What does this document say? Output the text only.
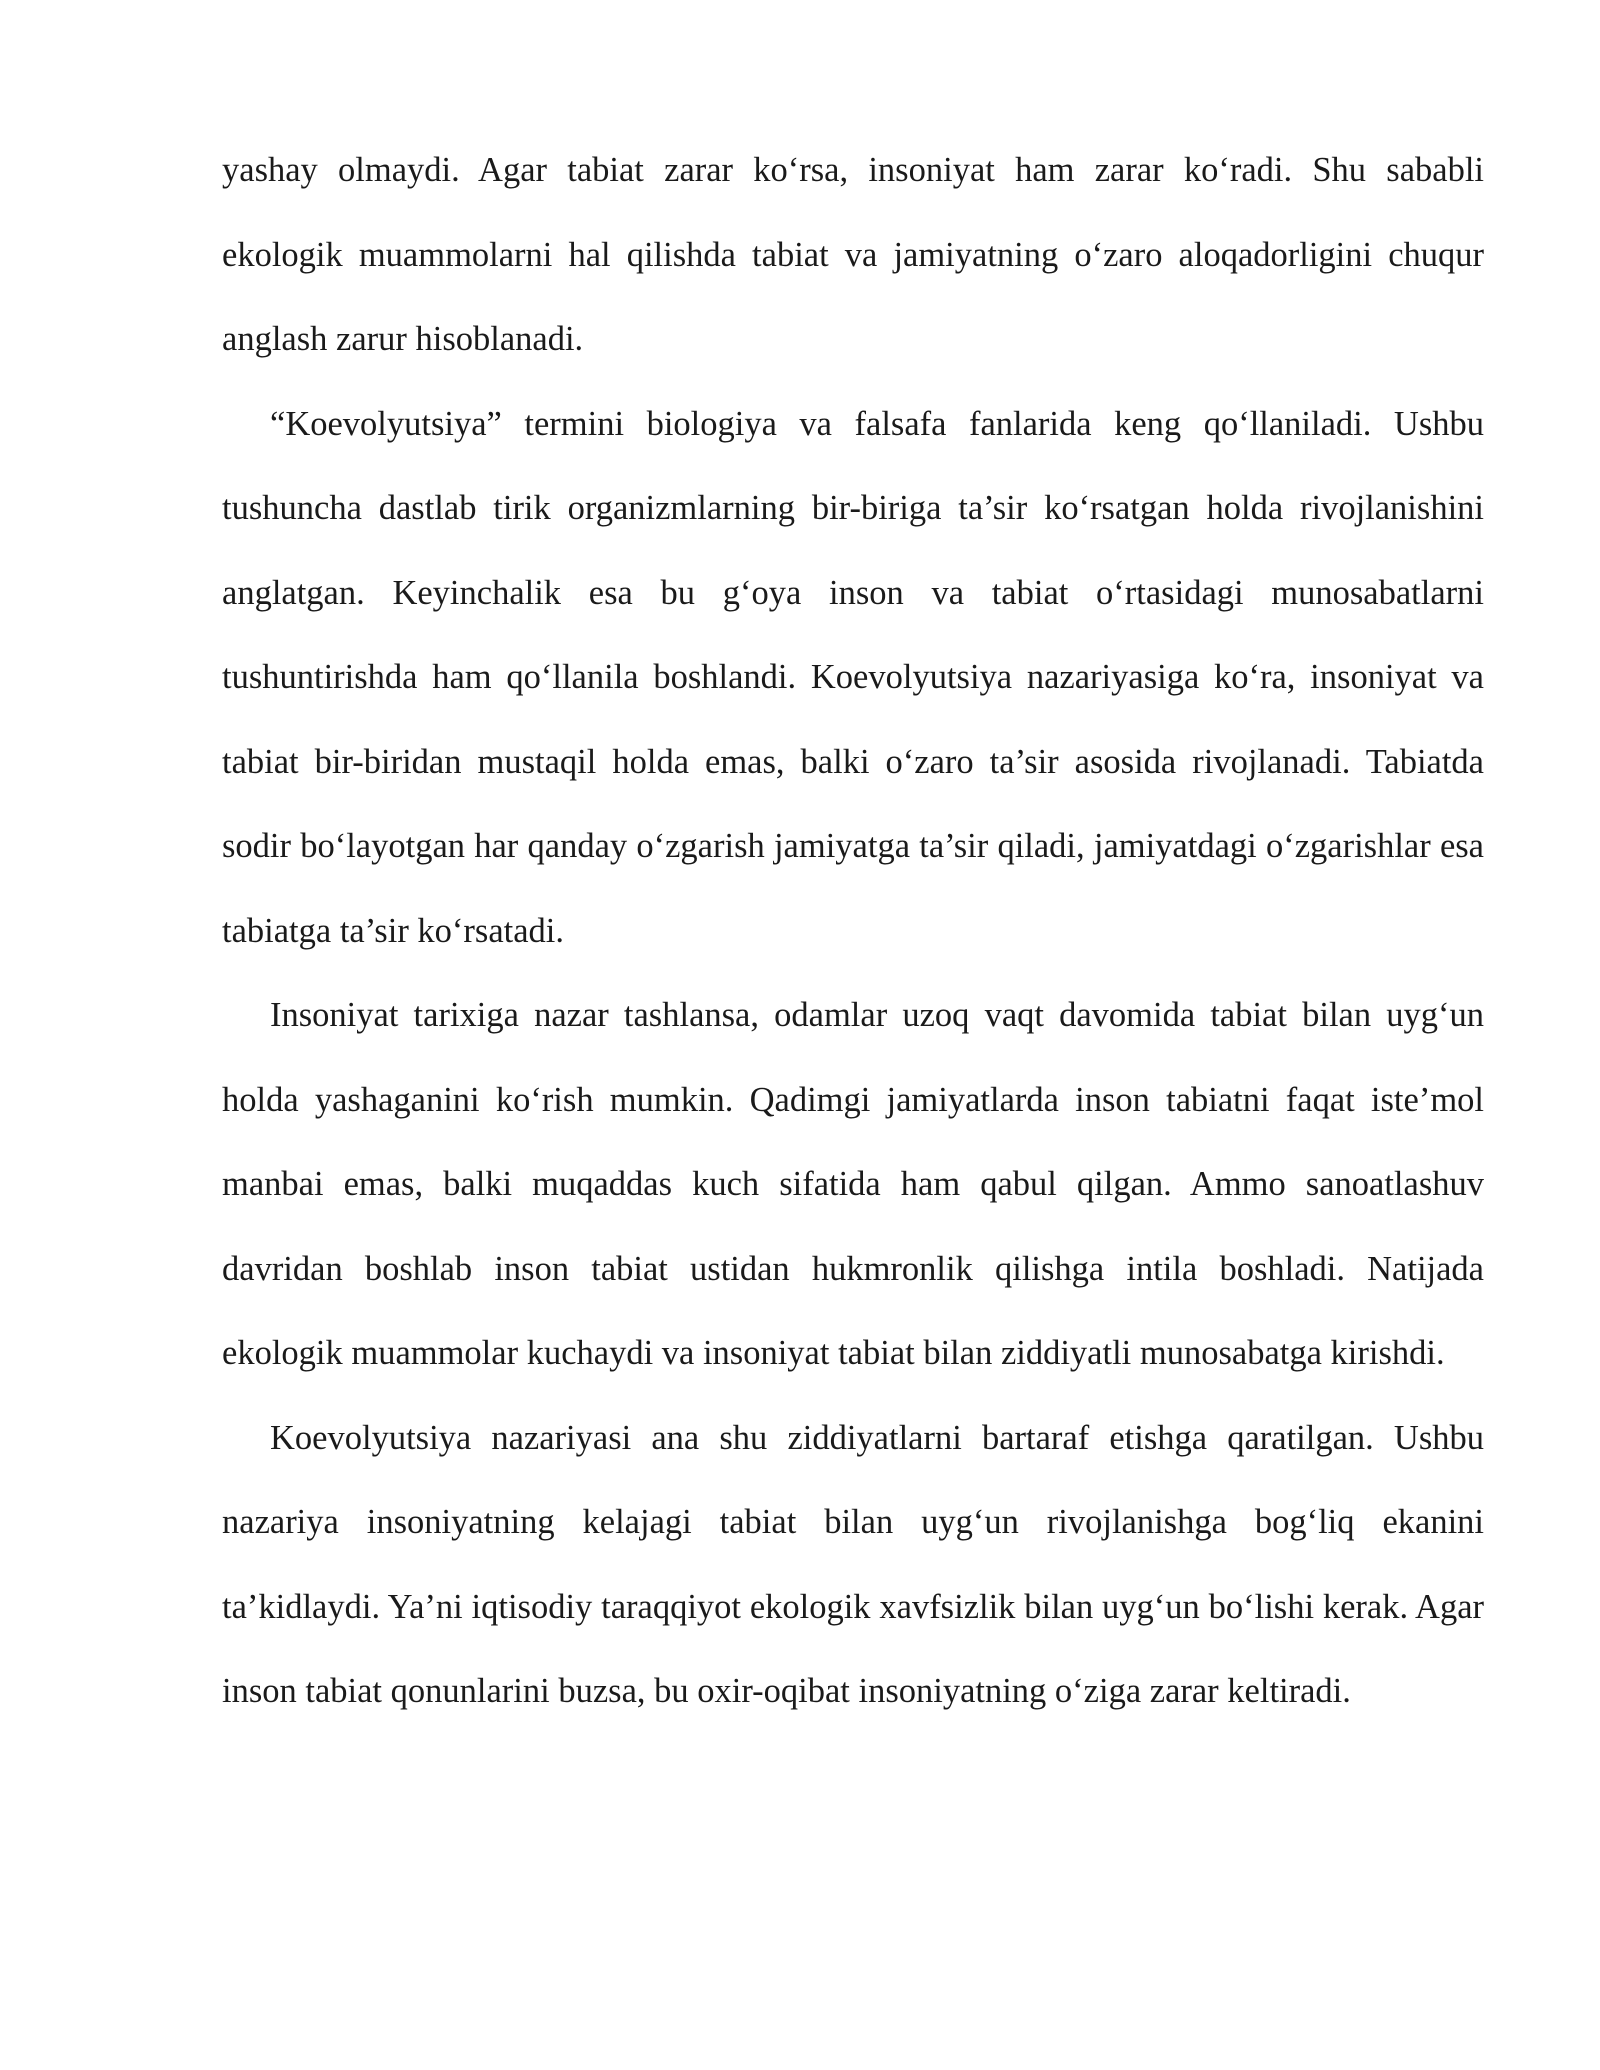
yashay olmaydi. Agar tabiat zarar ko‘rsa, insoniyat ham zarar ko‘radi. Shu sababli ekologik muammolarni hal qilishda tabiat va jamiyatning o‘zaro aloqadorligini chuqur anglash zarur hisoblanadi.

“Koevolyutsiya” termini biologiya va falsafa fanlarida keng qo‘llaniladi. Ushbu tushuncha dastlab tirik organizmlarning bir-biriga ta’sir ko‘rsatgan holda rivojlanishini anglatgan. Keyinchalik esa bu g‘oya inson va tabiat o‘rtasidagi munosabatlarni tushuntirishda ham qo‘llanila boshlandi. Koevolyutsiya nazariyasiga ko‘ra, insoniyat va tabiat bir-biridan mustaqil holda emas, balki o‘zaro ta’sir asosida rivojlanadi. Tabiatda sodir bo‘layotgan har qanday o‘zgarish jamiyatga ta’sir qiladi, jamiyatdagi o‘zgarishlar esa tabiatga ta’sir ko‘rsatadi.

Insoniyat tarixiga nazar tashlansa, odamlar uzoq vaqt davomida tabiat bilan uyg‘un holda yashaganini ko‘rish mumkin. Qadimgi jamiyatlarda inson tabiatni faqat iste’mol manbai emas, balki muqaddas kuch sifatida ham qabul qilgan. Ammo sanoatlashuv davridan boshlab inson tabiat ustidan hukmronlik qilishga intila boshladi. Natijada ekologik muammolar kuchaydi va insoniyat tabiat bilan ziddiyatli munosabatga kirishdi.

Koevolyutsiya nazariyasi ana shu ziddiyatlarni bartaraf etishga qaratilgan. Ushbu nazariya insoniyatning kelajagi tabiat bilan uyg‘un rivojlanishga bog‘liq ekanini ta’kidlaydi. Ya’ni iqtisodiy taraqqiyot ekologik xavfsizlik bilan uyg‘un bo‘lishi kerak. Agar inson tabiat qonunlarini buzsa, bu oxir-oqibat insoniyatning o‘ziga zarar keltiradi.
